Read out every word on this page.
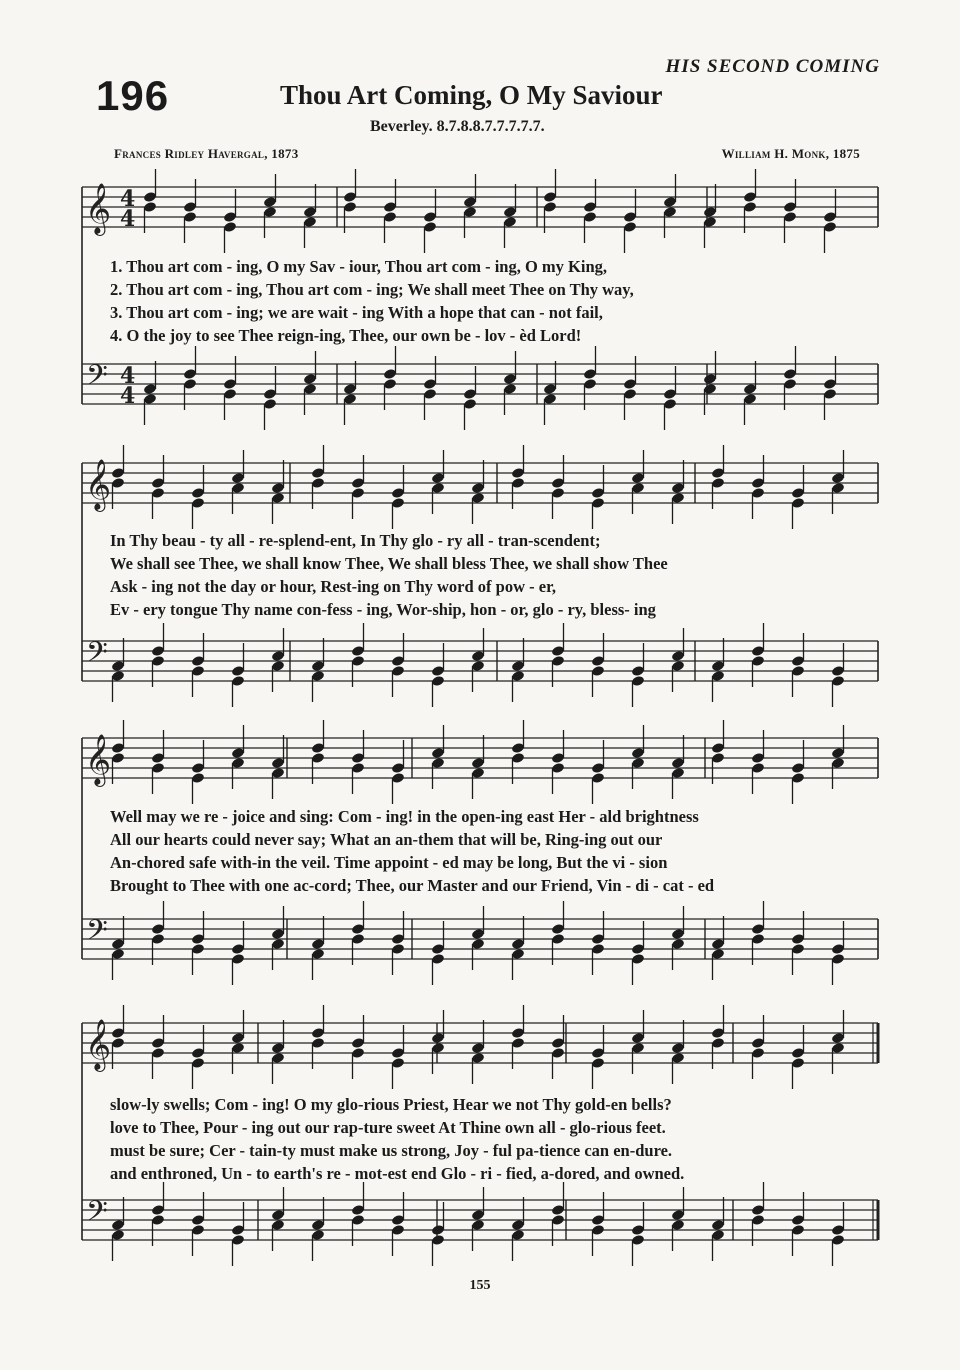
HIS SECOND COMING
196	Thou Art Coming, O My Saviour
Beverley. 8.7.8.8.7.7.7.7.7.
Frances Ridley Havergal, 1873	William H. Monk, 1875
𝄞
𝄢
𝄞
𝄢
𝄞
𝄢
𝄞
𝄢
4
4
4
4
1. Thou art com - ing, O my Sav - iour, Thou art com - ing, O my King,
2. Thou art com - ing, Thou art com - ing; We shall meet Thee on Thy way,
3. Thou art com - ing; we are wait - ing With a hope that can - not fail,
4. O the joy to see Thee reign-ing, Thee, our own be - lov - èd Lord!
In Thy beau - ty all - re-splend-ent, In Thy glo - ry all - tran-scendent;
We shall see Thee, we shall know Thee, We shall bless Thee, we shall show Thee
Ask - ing not the day or hour, Rest-ing on Thy word of pow - er,
Ev - ery tongue Thy name con-fess - ing, Wor-ship, hon - or, glo - ry, bless- ing
Well may we re - joice and sing: Com - ing! in the open-ing east Her - ald brightness
All our hearts could never say; What an an-them that will be, Ring-ing out our
An-chored safe with-in the veil. Time appoint - ed may be long, But the vi - sion
Brought to Thee with one ac-cord; Thee, our Master and our Friend, Vin - di - cat - ed
slow-ly swells; Com - ing! O my glo-rious Priest, Hear we not Thy gold-en bells?
love to Thee, Pour - ing out our rap-ture sweet At Thine own all - glo-rious feet.
must be sure; Cer - tain-ty must make us strong, Joy - ful pa-tience can en-dure.
and enthroned, Un - to earth's re - mot-est end Glo - ri - fied, a-dored, and owned.
155
